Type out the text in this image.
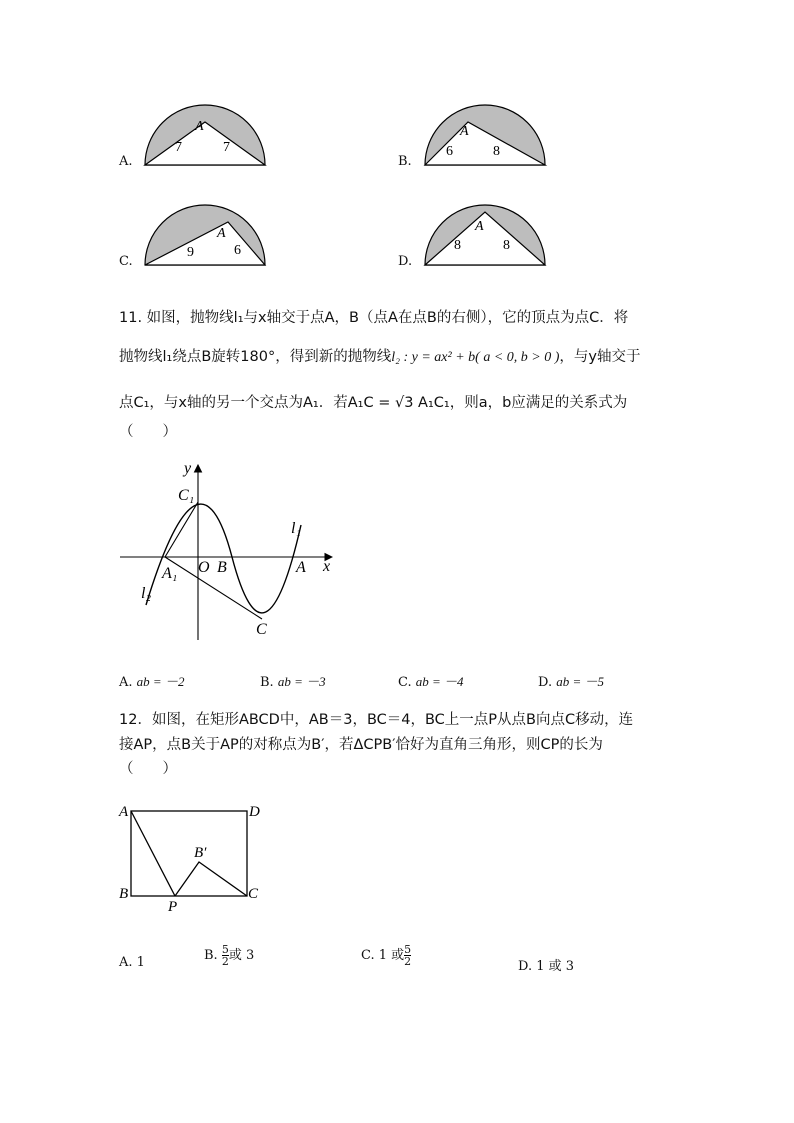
A.
A
7	7
B.
A
6	8
C.
A
9	6
D.
A
8	8
11. 如图，抛物线l₁与x轴交于点A，B（点A在点B的右侧），它的顶点为点C．将
抛物线l₁绕点B旋转180°，得到新的抛物线l₂ : y = ax² + b( a < 0, b > 0 )，与y轴交于
点C₁，与x轴的另一个交点为A₁．若A₁C = √3 A₁C₁，则a，b应满足的关系式为
（　　）
y
x
C₁
O B	A
A₁
C
l₁
l₂
A. ab = －2	B. ab = －3	C. ab = －4	D. ab = －5
12．如图，在矩形ABCD中，AB＝3，BC＝4，BC上一点P从点B向点C移动，连
接AP，点B关于AP的对称点为B′，若ΔCPB′恰好为直角三角形，则CP的长为
（　　）
A	D
B	C
P
B′
A. 1	B. $\frac{5}{2}$ 或 3	C. 1 或 $\frac{5}{2}$	D. 1 或 3
